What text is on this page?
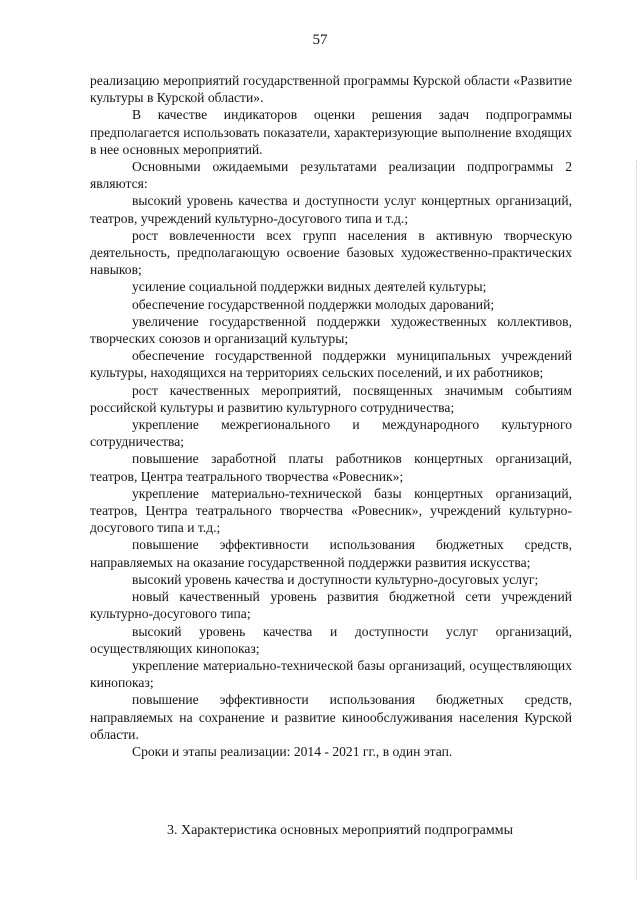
57

реализацию мероприятий государственной программы Курской области «Развитие культуры в Курской области».

В качестве индикаторов оценки решения задач подпрограммы предполагается использовать показатели, характеризующие выполнение входящих в нее основных мероприятий.

Основными ожидаемыми результатами реализации подпрограммы 2 являются:

высокий уровень качества и доступности услуг концертных организаций, театров, учреждений культурно-досугового типа и т.д.;

рост вовлеченности всех групп населения в активную творческую деятельность, предполагающую освоение базовых художественно-практических навыков;

усиление социальной поддержки видных деятелей культуры;

обеспечение государственной поддержки молодых дарований;

увеличение государственной поддержки художественных коллективов, творческих союзов и организаций культуры;

обеспечение государственной поддержки муниципальных учреждений культуры, находящихся на территориях сельских поселений, и их работников;

рост качественных мероприятий, посвященных значимым событиям российской культуры и развитию культурного сотрудничества;

укрепление межрегионального и международного культурного сотрудничества;

повышение заработной платы работников концертных организаций, театров, Центра театрального творчества «Ровесник»;

укрепление материально-технической базы концертных организаций, театров, Центра театрального творчества «Ровесник», учреждений культурно-досугового типа и т.д.;

повышение эффективности использования бюджетных средств, направляемых на оказание государственной поддержки развития искусства;

высокий уровень качества и доступности культурно-досуговых услуг;

новый качественный уровень развития бюджетной сети учреждений культурно-досугового типа;

высокий уровень качества и доступности услуг организаций, осуществляющих кинопоказ;

укрепление материально-технической базы организаций, осуществляющих кинопоказ;

повышение эффективности использования бюджетных средств, направляемых на сохранение и развитие кинообслуживания населения Курской области.

Сроки и этапы реализации: 2014 - 2021 гг., в один этап.

3. Характеристика основных мероприятий подпрограммы
